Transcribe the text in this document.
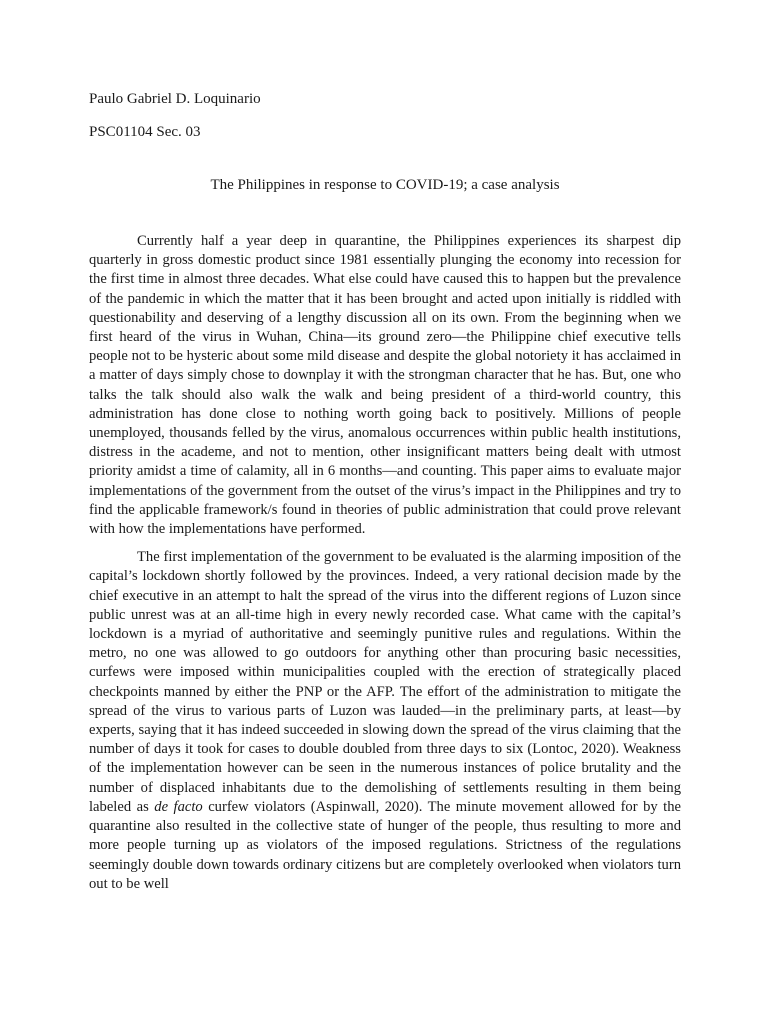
Paulo Gabriel D. Loquinario

PSC01104 Sec. 03

The Philippines in response to COVID-19; a case analysis

Currently half a year deep in quarantine, the Philippines experiences its sharpest dip quarterly in gross domestic product since 1981 essentially plunging the economy into recession for the first time in almost three decades. What else could have caused this to happen but the prevalence of the pandemic in which the matter that it has been brought and acted upon initially is riddled with questionability and deserving of a lengthy discussion all on its own. From the beginning when we first heard of the virus in Wuhan, China—its ground zero—the Philippine chief executive tells people not to be hysteric about some mild disease and despite the global notoriety it has acclaimed in a matter of days simply chose to downplay it with the strongman character that he has. But, one who talks the talk should also walk the walk and being president of a third-world country, this administration has done close to nothing worth going back to positively. Millions of people unemployed, thousands felled by the virus, anomalous occurrences within public health institutions, distress in the academe, and not to mention, other insignificant matters being dealt with utmost priority amidst a time of calamity, all in 6 months—and counting. This paper aims to evaluate major implementations of the government from the outset of the virus’s impact in the Philippines and try to find the applicable framework/s found in theories of public administration that could prove relevant with how the implementations have performed.

The first implementation of the government to be evaluated is the alarming imposition of the capital’s lockdown shortly followed by the provinces. Indeed, a very rational decision made by the chief executive in an attempt to halt the spread of the virus into the different regions of Luzon since public unrest was at an all-time high in every newly recorded case. What came with the capital’s lockdown is a myriad of authoritative and seemingly punitive rules and regulations. Within the metro, no one was allowed to go outdoors for anything other than procuring basic necessities, curfews were imposed within municipalities coupled with the erection of strategically placed checkpoints manned by either the PNP or the AFP. The effort of the administration to mitigate the spread of the virus to various parts of Luzon was lauded—in the preliminary parts, at least—by experts, saying that it has indeed succeeded in slowing down the spread of the virus claiming that the number of days it took for cases to double doubled from three days to six (Lontoc, 2020). Weakness of the implementation however can be seen in the numerous instances of police brutality and the number of displaced inhabitants due to the demolishing of settlements resulting in them being labeled as de facto curfew violators (Aspinwall, 2020). The minute movement allowed for by the quarantine also resulted in the collective state of hunger of the people, thus resulting to more and more people turning up as violators of the imposed regulations. Strictness of the regulations seemingly double down towards ordinary citizens but are completely overlooked when violators turn out to be well
